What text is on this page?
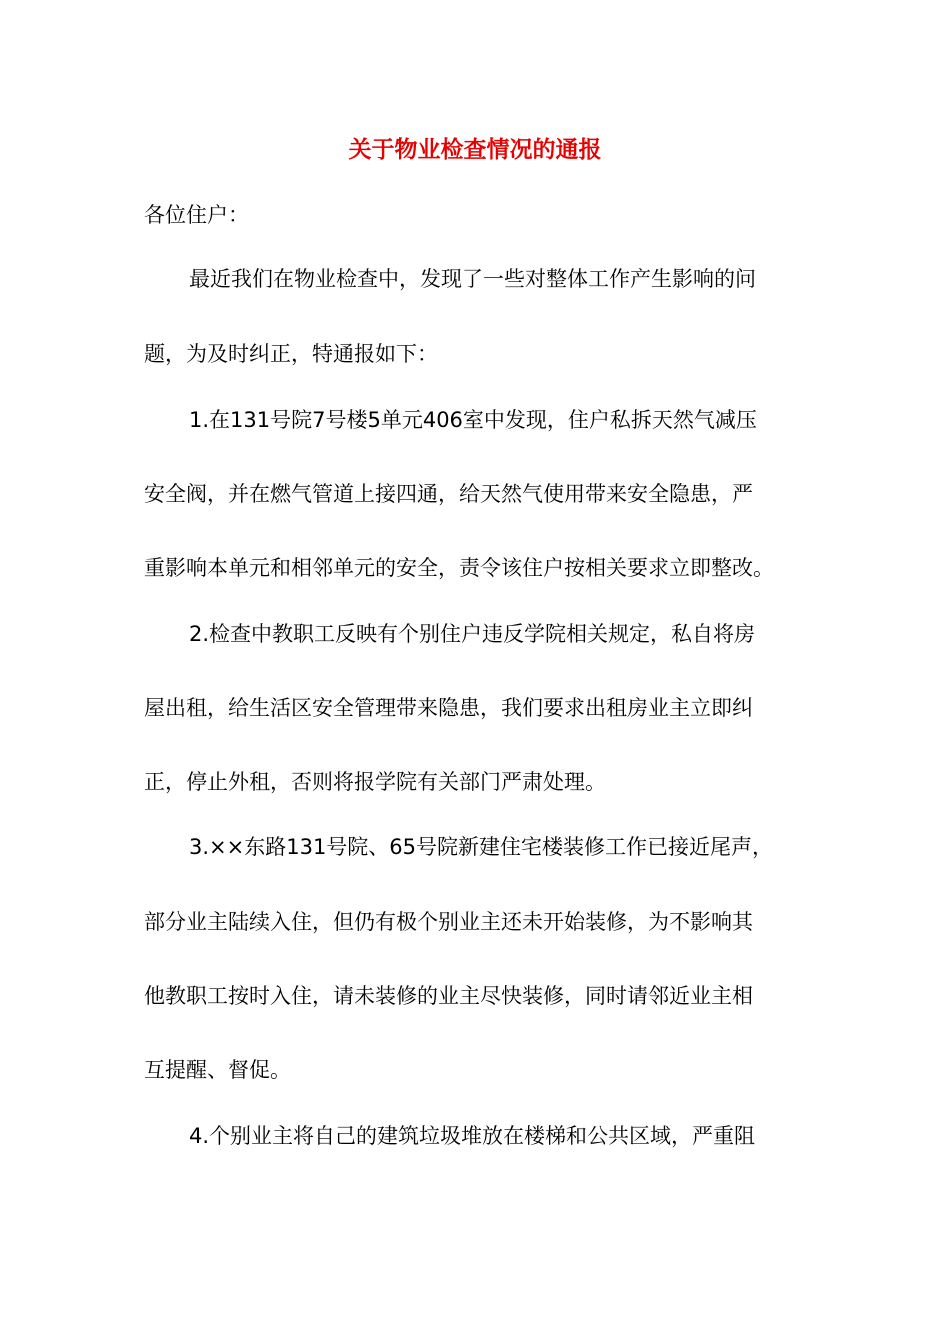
关于物业检查情况的通报
各位住户：
最近我们在物业检查中，发现了一些对整体工作产生影响的问
题，为及时纠正，特通报如下：
1.在131号院7号楼5单元406室中发现，住户私拆天然气减压
安全阀，并在燃气管道上接四通，给天然气使用带来安全隐患，严
重影响本单元和相邻单元的安全，责令该住户按相关要求立即整改。
2.检查中教职工反映有个别住户违反学院相关规定，私自将房
屋出租，给生活区安全管理带来隐患，我们要求出租房业主立即纠
正，停止外租，否则将报学院有关部门严肃处理。
3.××东路131号院、65号院新建住宅楼装修工作已接近尾声，
部分业主陆续入住，但仍有极个别业主还未开始装修，为不影响其
他教职工按时入住，请未装修的业主尽快装修，同时请邻近业主相
互提醒、督促。
4.个别业主将自己的建筑垃圾堆放在楼梯和公共区域，严重阻
